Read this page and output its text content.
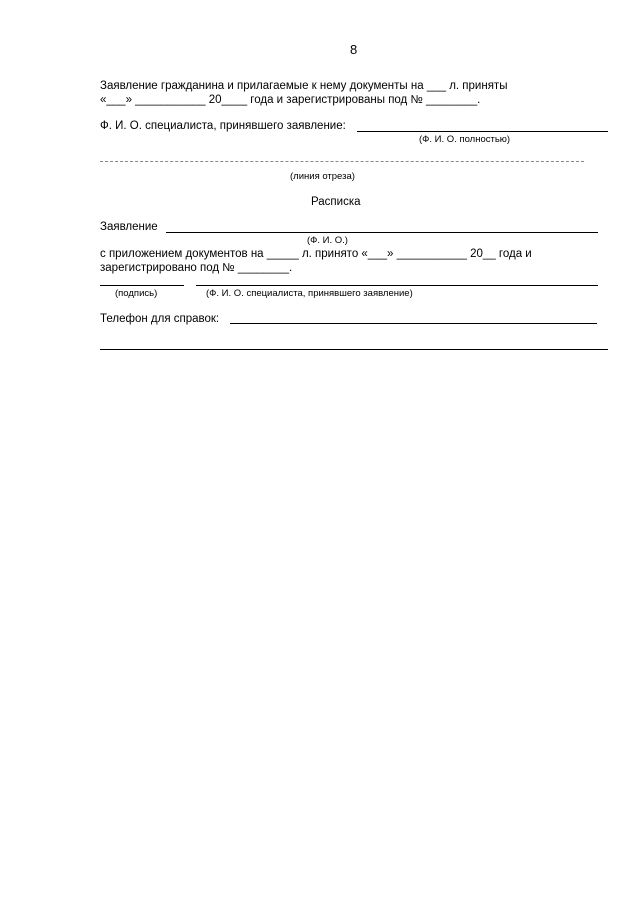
8
Заявление гражданина и прилагаемые к нему документы на ___ л. приняты
«___» ___________ 20____ года и зарегистрированы под № ________.
Ф. И. О. специалиста, принявшего заявление:
(Ф. И. О. полностью)
(линия отреза)
Расписка
Заявление
(Ф. И. О.)
с приложением документов на _____ л. принято «___» ___________ 20__ года и
зарегистрировано под № ________.
(подпись)	(Ф. И. О. специалиста, принявшего заявление)
Телефон для справок:
